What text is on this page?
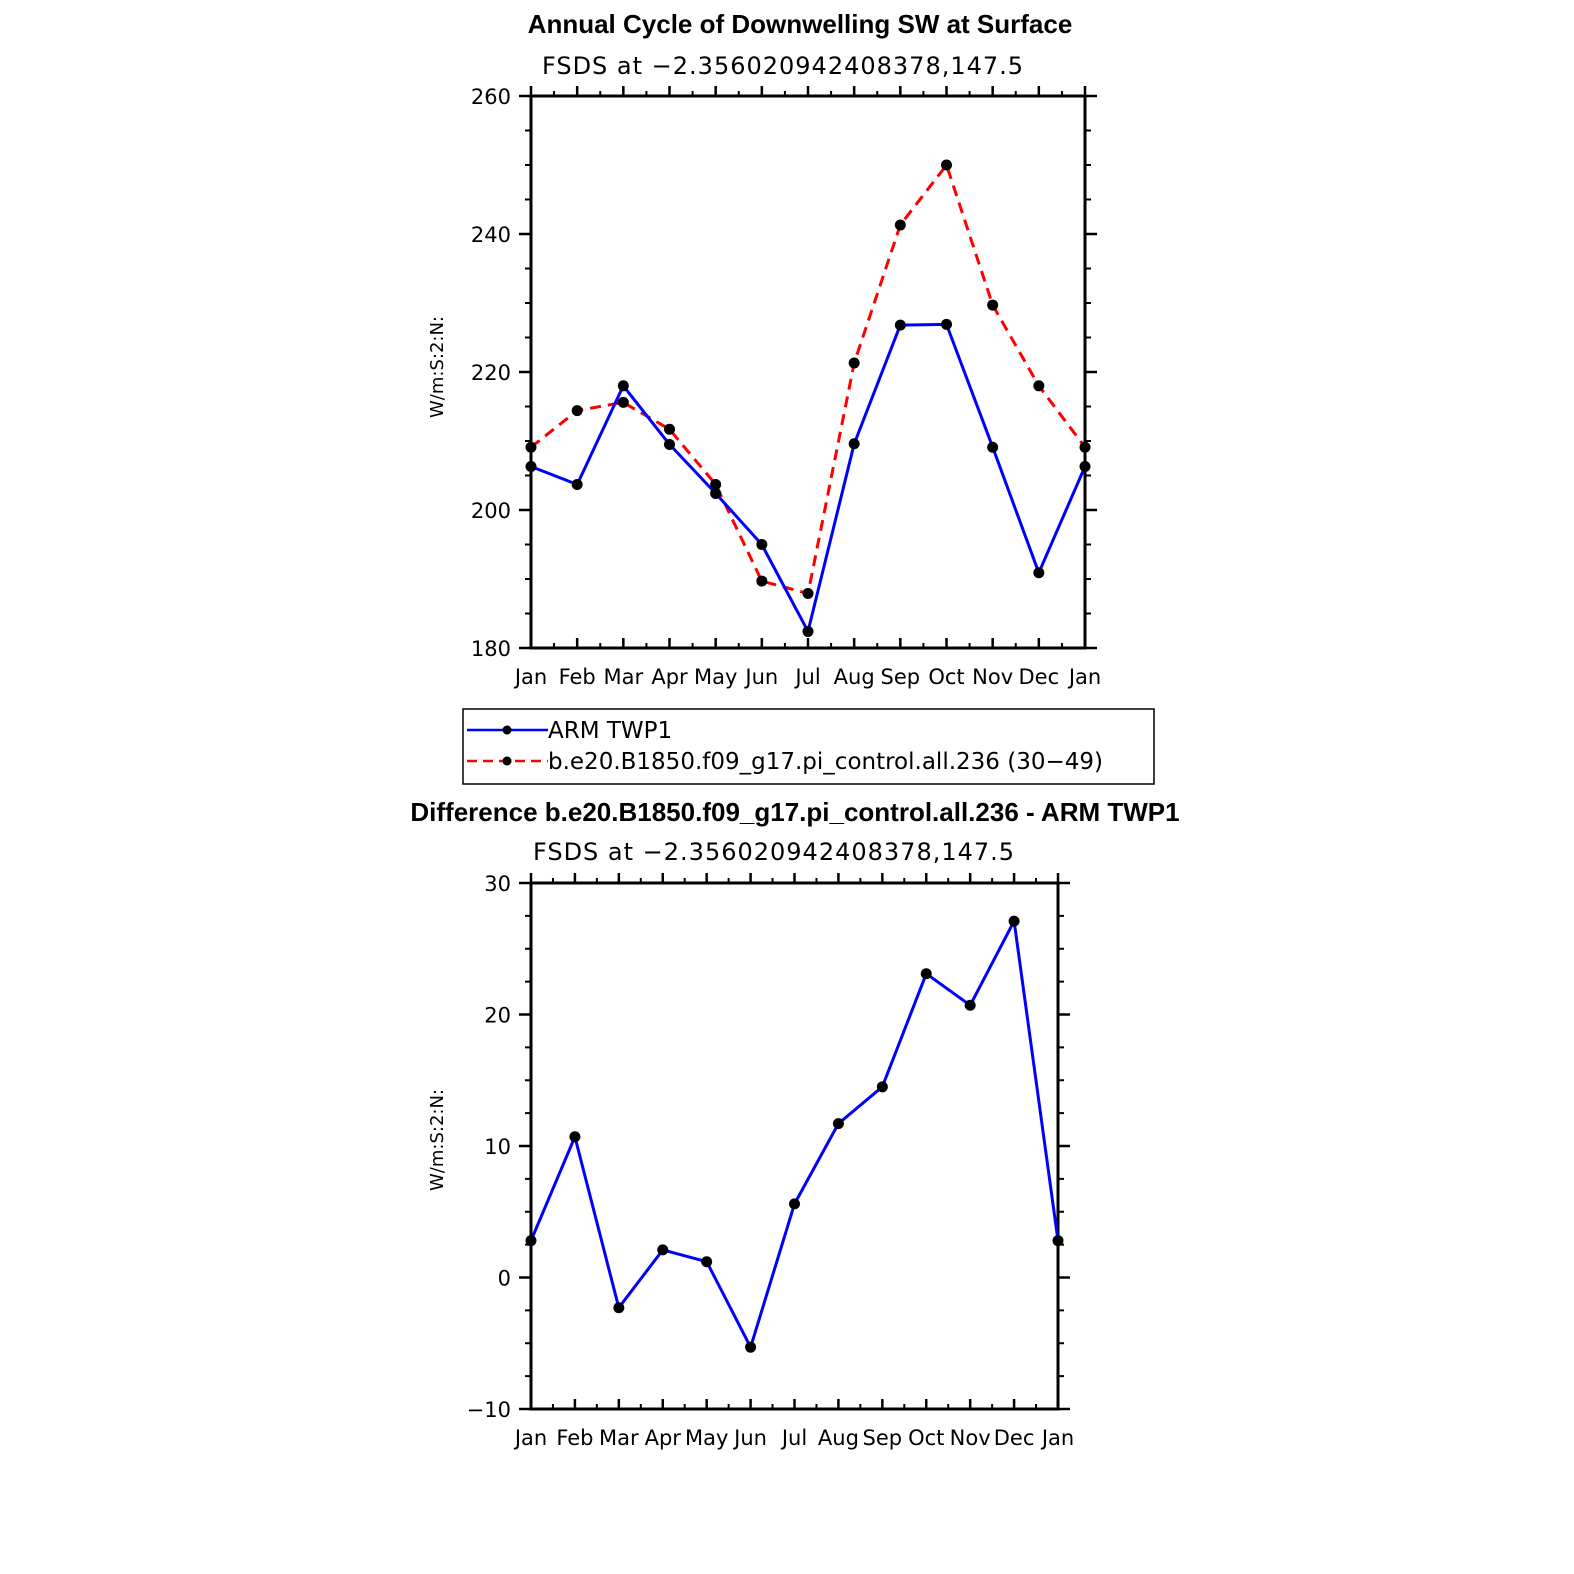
Annual Cycle of Downwelling SW at Surface
FSDS at −2.356020942408378,147.5
W/m:S:2:N:
Jan Feb Mar Apr May Jun Jul Aug Sep Oct Nov Dec Jan
180
200
220
240
260
ARM TWP1
b.e20.B1850.f09_g17.pi_control.all.236 (30−49)
Difference b.e20.B1850.f09_g17.pi_control.all.236 - ARM TWP1
FSDS at −2.356020942408378,147.5
W/m:S:2:N:
Jan Feb Mar Apr May Jun Jul Aug Sep Oct Nov Dec Jan
−10
0
10
20
30
